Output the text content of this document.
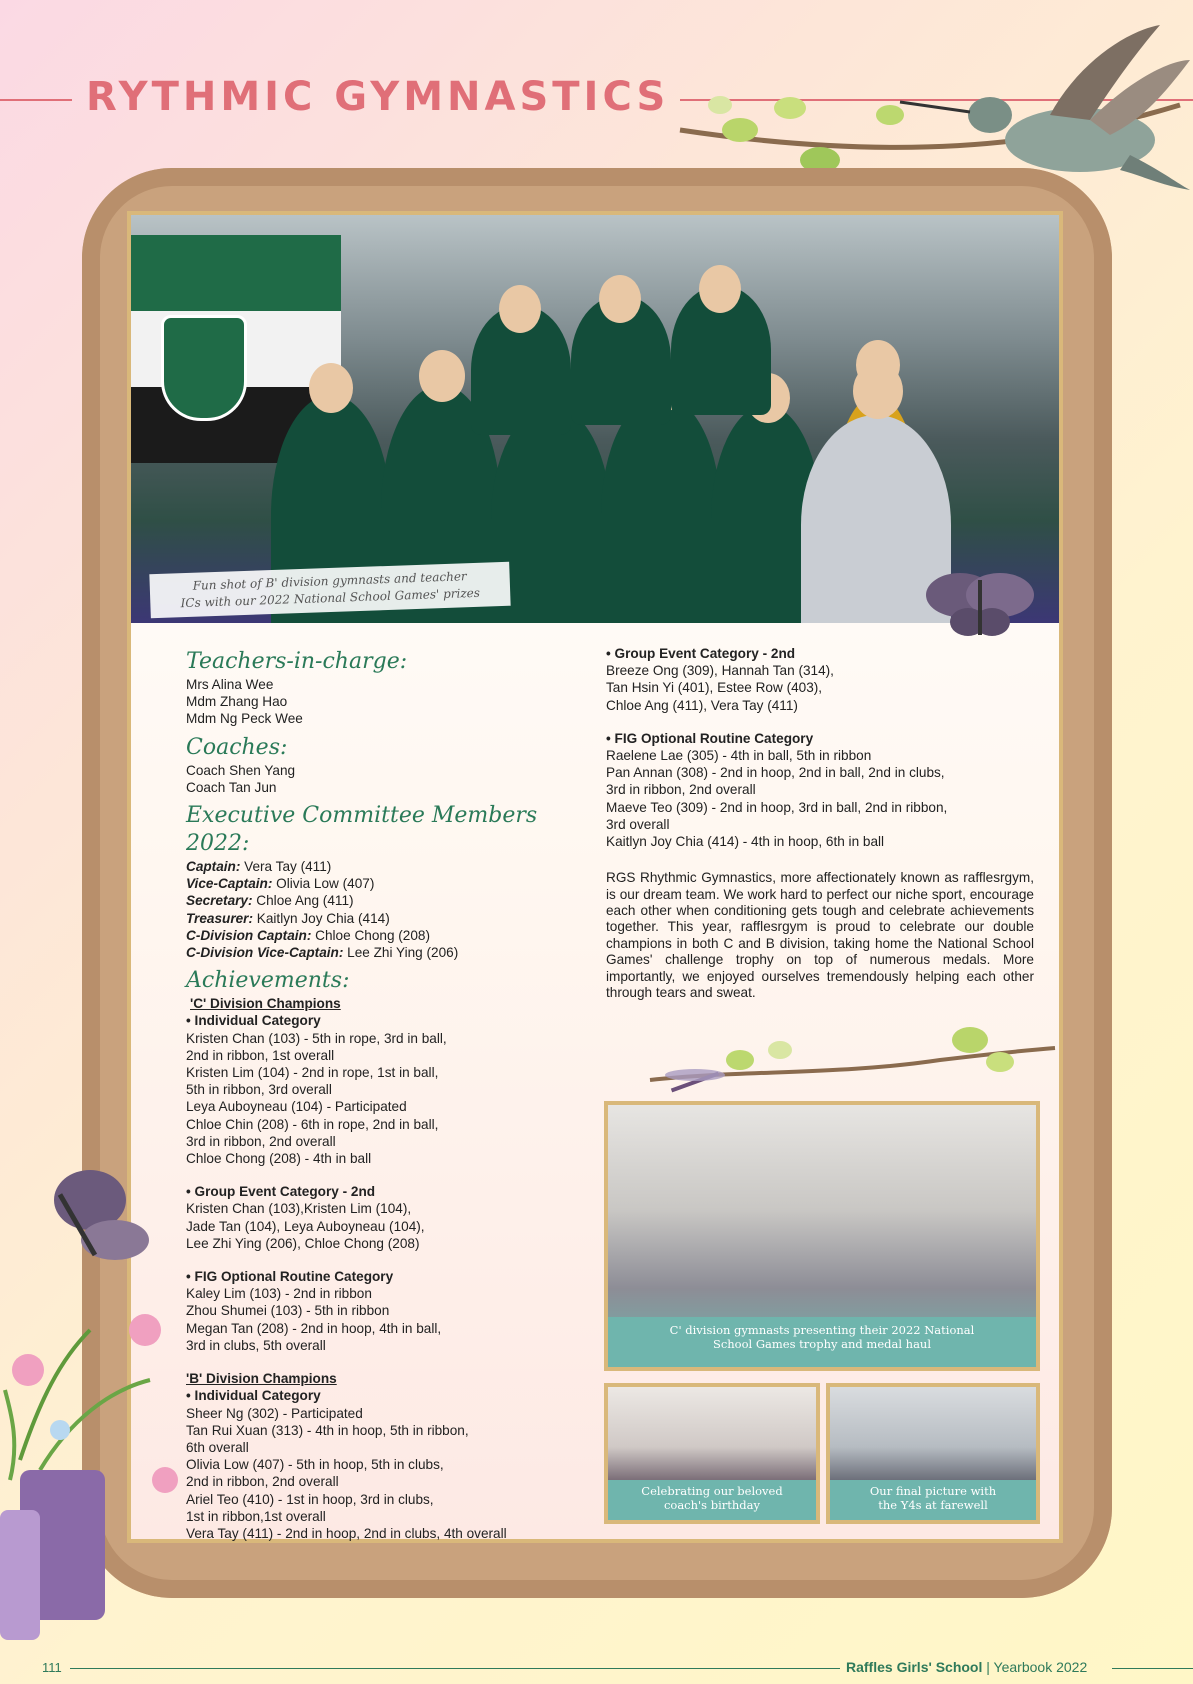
RYTHMIC GYMNASTICS
Fun shot of B' division gymnasts and teacher
ICs with our 2022 National School Games' prizes
Teachers-in-charge:
Mrs Alina Wee
Mdm Zhang Hao
Mdm Ng Peck Wee
Coaches:
Coach Shen Yang
Coach Tan Jun
Executive Committee Members 2022:
Captain: Vera Tay (411)
Vice-Captain: Olivia Low (407)
Secretary: Chloe Ang (411)
Treasurer: Kaitlyn Joy Chia (414)
C-Division Captain: Chloe Chong (208)
C-Division Vice-Captain: Lee Zhi Ying (206)
Achievements:
'C' Division Champions
• Individual Category
Kristen Chan (103) - 5th in rope, 3rd in ball,
2nd in ribbon, 1st overall
Kristen Lim (104) - 2nd in rope, 1st in ball,
5th in ribbon, 3rd overall
Leya Auboyneau (104) - Participated
Chloe Chin (208) - 6th in rope, 2nd in ball,
3rd in ribbon, 2nd overall
Chloe Chong (208) - 4th in ball
• Group Event Category - 2nd
Kristen Chan (103),Kristen Lim (104),
Jade Tan (104), Leya Auboyneau (104),
Lee Zhi Ying (206), Chloe Chong (208)
• FIG Optional Routine Category
Kaley Lim (103) - 2nd in ribbon
Zhou Shumei (103) - 5th in ribbon
Megan Tan (208) - 2nd in hoop, 4th in ball,
3rd in clubs, 5th overall
'B' Division Champions
• Individual Category
Sheer Ng (302) - Participated
Tan Rui Xuan (313) - 4th in hoop, 5th in ribbon,
6th overall
Olivia Low (407) - 5th in hoop, 5th in clubs,
2nd in ribbon, 2nd overall
Ariel Teo (410) - 1st in hoop, 3rd in clubs,
1st in ribbon,1st overall
Vera Tay (411) - 2nd in hoop, 2nd in clubs, 4th overall
• Group Event Category - 2nd
Breeze Ong (309), Hannah Tan (314),
Tan Hsin Yi (401), Estee Row (403),
Chloe Ang (411), Vera Tay (411)
• FIG Optional Routine Category
Raelene Lae (305) - 4th in ball, 5th in ribbon
Pan Annan (308) - 2nd in hoop, 2nd in ball, 2nd in clubs,
3rd in ribbon, 2nd overall
Maeve Teo (309) - 2nd in hoop, 3rd in ball, 2nd in ribbon,
3rd overall
Kaitlyn Joy Chia (414) - 4th in hoop, 6th in ball
RGS Rhythmic Gymnastics, more affectionately known as rafflesrgym, is our dream team. We work hard to perfect our niche sport, encourage each other when conditioning gets tough and celebrate achievements together. This year, rafflesrgym is proud to celebrate our double champions in both C and B division, taking home the National School Games' challenge trophy on top of numerous medals. More importantly, we enjoyed ourselves tremendously helping each other through tears and sweat.
C' division gymnasts presenting their 2022 National
School Games trophy and medal haul
Celebrating our beloved
coach's birthday
Our final picture with
the Y4s at farewell
111	Raffles Girls' School | Yearbook 2022
